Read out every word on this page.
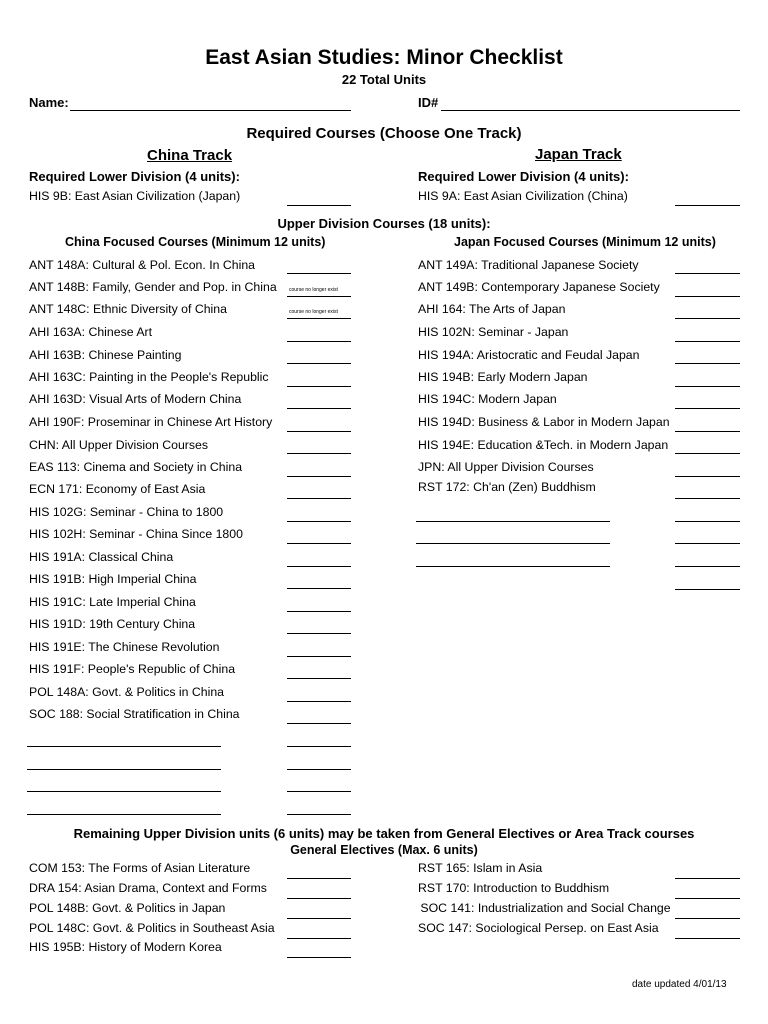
East Asian Studies: Minor Checklist
22 Total Units
Name:	ID#
Required Courses (Choose One Track)
China Track	Japan Track
Required Lower Division (4 units):	Required Lower Division (4 units):
HIS 9B: East Asian Civilization (Japan)	HIS 9A: East Asian Civilization (China)
Upper Division Courses (18 units):
China Focused Courses (Minimum 12 units)	Japan Focused Courses (Minimum 12 units)
ANT 148A: Cultural & Pol. Econ. In China
ANT 148B: Family, Gender and Pop. in China course no longer exist
ANT 148C: Ethnic Diversity of China	course no longer exist
AHI 163A: Chinese Art
AHI 163B: Chinese Painting
AHI 163C: Painting in the People's Republic
AHI 163D: Visual Arts of Modern China
AHI 190F: Proseminar in Chinese Art History
CHN: All Upper Division Courses
EAS 113: Cinema and Society in China
ECN 171: Economy of East Asia
HIS 102G: Seminar - China to 1800
HIS 102H: Seminar - China Since 1800
HIS 191A: Classical China
HIS 191B: High Imperial China
HIS 191C: Late Imperial China
HIS 191D: 19th Century China
HIS 191E: The Chinese Revolution
HIS 191F: People's Republic of China
POL 148A: Govt. & Politics in China
SOC 188: Social Stratification in China
ANT 149A: Traditional Japanese Society
ANT 149B: Contemporary Japanese Society
AHI 164: The Arts of Japan
HIS 102N: Seminar - Japan
HIS 194A: Aristocratic and Feudal Japan
HIS 194B: Early Modern Japan
HIS 194C: Modern Japan
HIS 194D: Business & Labor in Modern Japan
HIS 194E: Education &Tech. in Modern Japan
JPN: All Upper Division Courses
RST 172: Ch'an (Zen) Buddhism
Remaining Upper Division units (6 units) may be taken from General Electives or Area Track courses
General Electives (Max. 6 units)
COM 153: The Forms of Asian Literature
DRA 154: Asian Drama, Context and Forms
POL 148B: Govt. & Politics in Japan
POL 148C: Govt. & Politics in Southeast Asia
HIS 195B: History of Modern Korea
RST 165: Islam in Asia
RST 170: Introduction to Buddhism
SOC 141: Industrialization and Social Change
SOC 147: Sociological Persep. on East Asia
date updated 4/01/13
